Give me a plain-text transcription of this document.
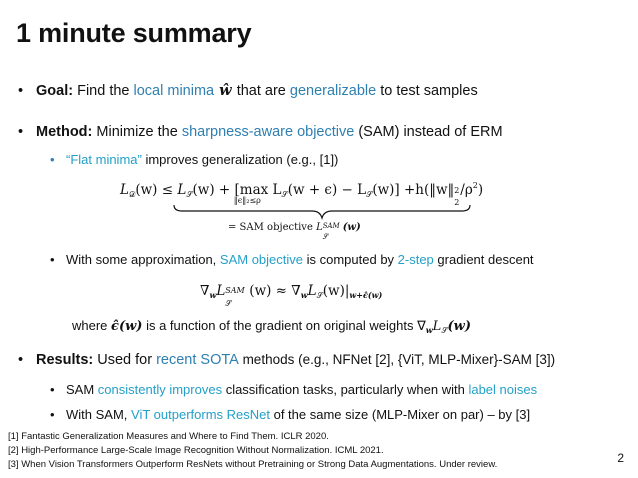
1 minute summary
• Goal: Find the local minima ŵ that are generalizable to test samples
• Method: Minimize the sharpness-aware objective (SAM) instead of ERM
• “Flat minima” improves generalization (e.g., [1])
$L_𝒟(w) \le L_𝒮(w) + [\max$
‖ϵ‖₂≤ρ
$L_𝒮(w + \epsilon) - L_𝒮(w)$] +h(‖w‖ 2
2
$/\rho^2$)
= SAM objective L SAM
𝒮
(w)
• With some approximation, SAM objective is computed by 2-step gradient descent
$\nabla_wL$ SAM
𝒮
$(w) \approx \nabla_wL_𝒮(w)|_{w+\epsilon̂(w)}$
where ϵ̂(w) is a function of the gradient on original weights $\nabla_wL_𝒮(w)$
• Results: Used for recent SOTA methods (e.g., NFNet [2], {ViT, MLP-Mixer}-SAM [3])
• SAM consistently improves classification tasks, particularly when with label noises
• With SAM, ViT outperforms ResNet of the same size (MLP-Mixer on par) – by [3]
[1] Fantastic Generalization Measures and Where to Find Them. ICLR 2020.
[2] High-Performance Large-Scale Image Recognition Without Normalization. ICML 2021.
[3] When Vision Transformers Outperform ResNets without Pretraining or Strong Data Augmentations. Under review.	2
